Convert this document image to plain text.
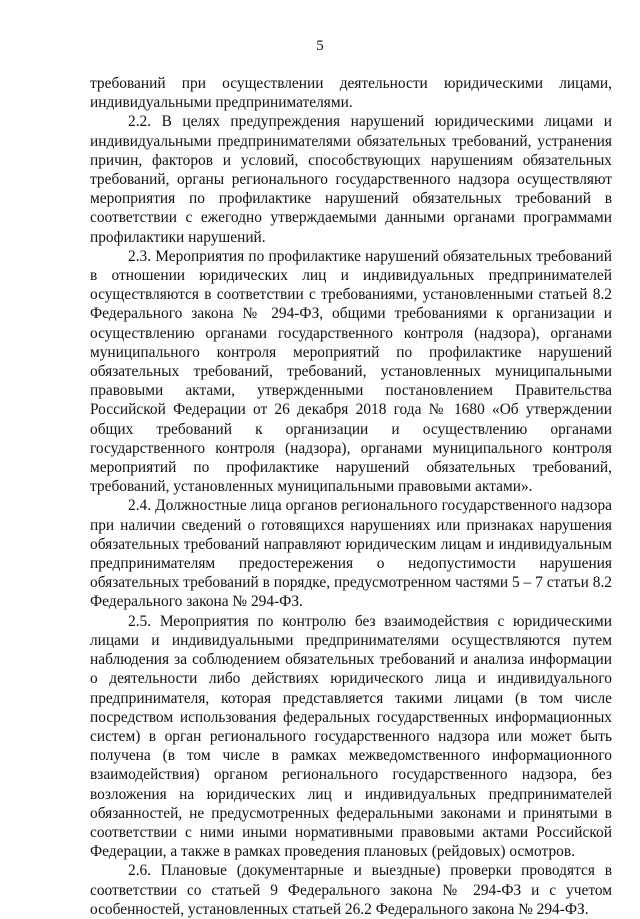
5

требований при осуществлении деятельности юридическими лицами, индивидуальными предпринимателями.

2.2. В целях предупреждения нарушений юридическими лицами и индивидуальными предпринимателями обязательных требований, устранения причин, факторов и условий, способствующих нарушениям обязательных требований, органы регионального государственного надзора осуществляют мероприятия по профилактике нарушений обязательных требований в соответствии с ежегодно утверждаемыми данными органами программами профилактики нарушений.

2.3. Мероприятия по профилактике нарушений обязательных требований в отношении юридических лиц и индивидуальных предпринимателей осуществляются в соответствии с требованиями, установленными статьей 8.2 Федерального закона № 294-ФЗ, общими требованиями к организации и осуществлению органами государственного контроля (надзора), органами муниципального контроля мероприятий по профилактике нарушений обязательных требований, требований, установленных муниципальными правовыми актами, утвержденными постановлением Правительства Российской Федерации от 26 декабря 2018 года № 1680 «Об утверждении общих требований к организации и осуществлению органами государственного контроля (надзора), органами муниципального контроля мероприятий по профилактике нарушений обязательных требований, требований, установленных муниципальными правовыми актами».

2.4. Должностные лица органов регионального государственного надзора при наличии сведений о готовящихся нарушениях или признаках нарушения обязательных требований направляют юридическим лицам и индивидуальным предпринимателям предостережения о недопустимости нарушения обязательных требований в порядке, предусмотренном частями 5 – 7 статьи 8.2 Федерального закона № 294-ФЗ.

2.5. Мероприятия по контролю без взаимодействия с юридическими лицами и индивидуальными предпринимателями осуществляются путем наблюдения за соблюдением обязательных требований и анализа информации о деятельности либо действиях юридического лица и индивидуального предпринимателя, которая представляется такими лицами (в том числе посредством использования федеральных государственных информационных систем) в орган регионального государственного надзора или может быть получена (в том числе в рамках межведомственного информационного взаимодействия) органом регионального государственного надзора, без возложения на юридических лиц и индивидуальных предпринимателей обязанностей, не предусмотренных федеральными законами и принятыми в соответствии с ними иными нормативными правовыми актами Российской Федерации, а также в рамках проведения плановых (рейдовых) осмотров.

2.6. Плановые (документарные и выездные) проверки проводятся в соответствии со статьей 9 Федерального закона № 294-ФЗ и с учетом особенностей, установленных статьей 26.2 Федерального закона № 294-ФЗ.
